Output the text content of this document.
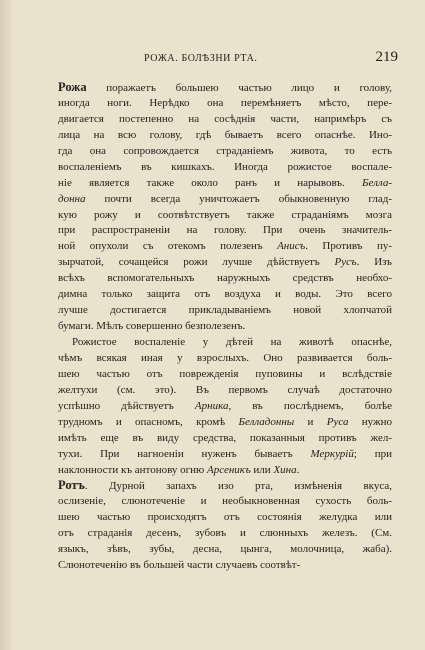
РОЖА. БОЛѢЗНИ РТА.	219
Рожа поражаетъ большею частью лицо и голову,
иногда ноги. Нерѣдко она перемѣняетъ мѣсто, пере-
двигается постепенно на сосѣднія части, напримѣръ съ
лица на всю голову, гдѣ бываетъ всего опаснѣе. Ино-
гда она сопровождается страданіемъ живота, то есть
воспаленіемъ въ кишкахъ. Иногда рожистое воспале-
ніе является также около ранъ и нарывовъ. Белла-
донна почти всегда уничтожаетъ обыкновенную глад-
кую рожу и соотвѣтствуетъ также страданіямъ мозга
при распространеніи на голову. При очень значитель-
ной опухоли съ отекомъ полезенъ Анисъ. Противъ пу-
зырчатой, сочащейся рожи лучше дѣйствуетъ Русъ. Изъ
всѣхъ вспомогательныхъ наружныхъ средствъ необхо-
димна только защита отъ воздуха и воды. Это всего
лучше достигается прикладываніемъ новой хлопчатой
бумаги. Мѣлъ совершенно безполезенъ.
Рожистое воспаленіе у дѣтей на животѣ опаснѣе,
чѣмъ всякая иная у взрослыхъ. Оно развивается боль-
шею частью отъ поврежденія пуповины и вслѣдствіе
желтухи (см. это). Въ первомъ случаѣ достаточно
успѣшно дѣйствуетъ Арника, въ послѣднемъ, болѣе
трудномъ и опасномъ, кромѣ Белладонны и Руса нужно
имѣть еще въ виду средства, показанныя противъ жел-
тухи. При нагноеніи нуженъ бываетъ Меркурій; при
наклонности къ антонову огню Арсеникъ или Хина.
Ротъ. Дурной запахъ изо рта, измѣненія вкуса,
ослизеніе, слюнотеченіе и необыкновенная сухость боль-
шею частью происходятъ отъ состоянія желудка или
отъ страданія десенъ, зубовъ и слюнныхъ железъ. (См.
языкъ, зѣвъ, зубы, десна, цынга, молочница, жаба).
Слюнотеченію въ большей части случаевъ соотвѣт-
